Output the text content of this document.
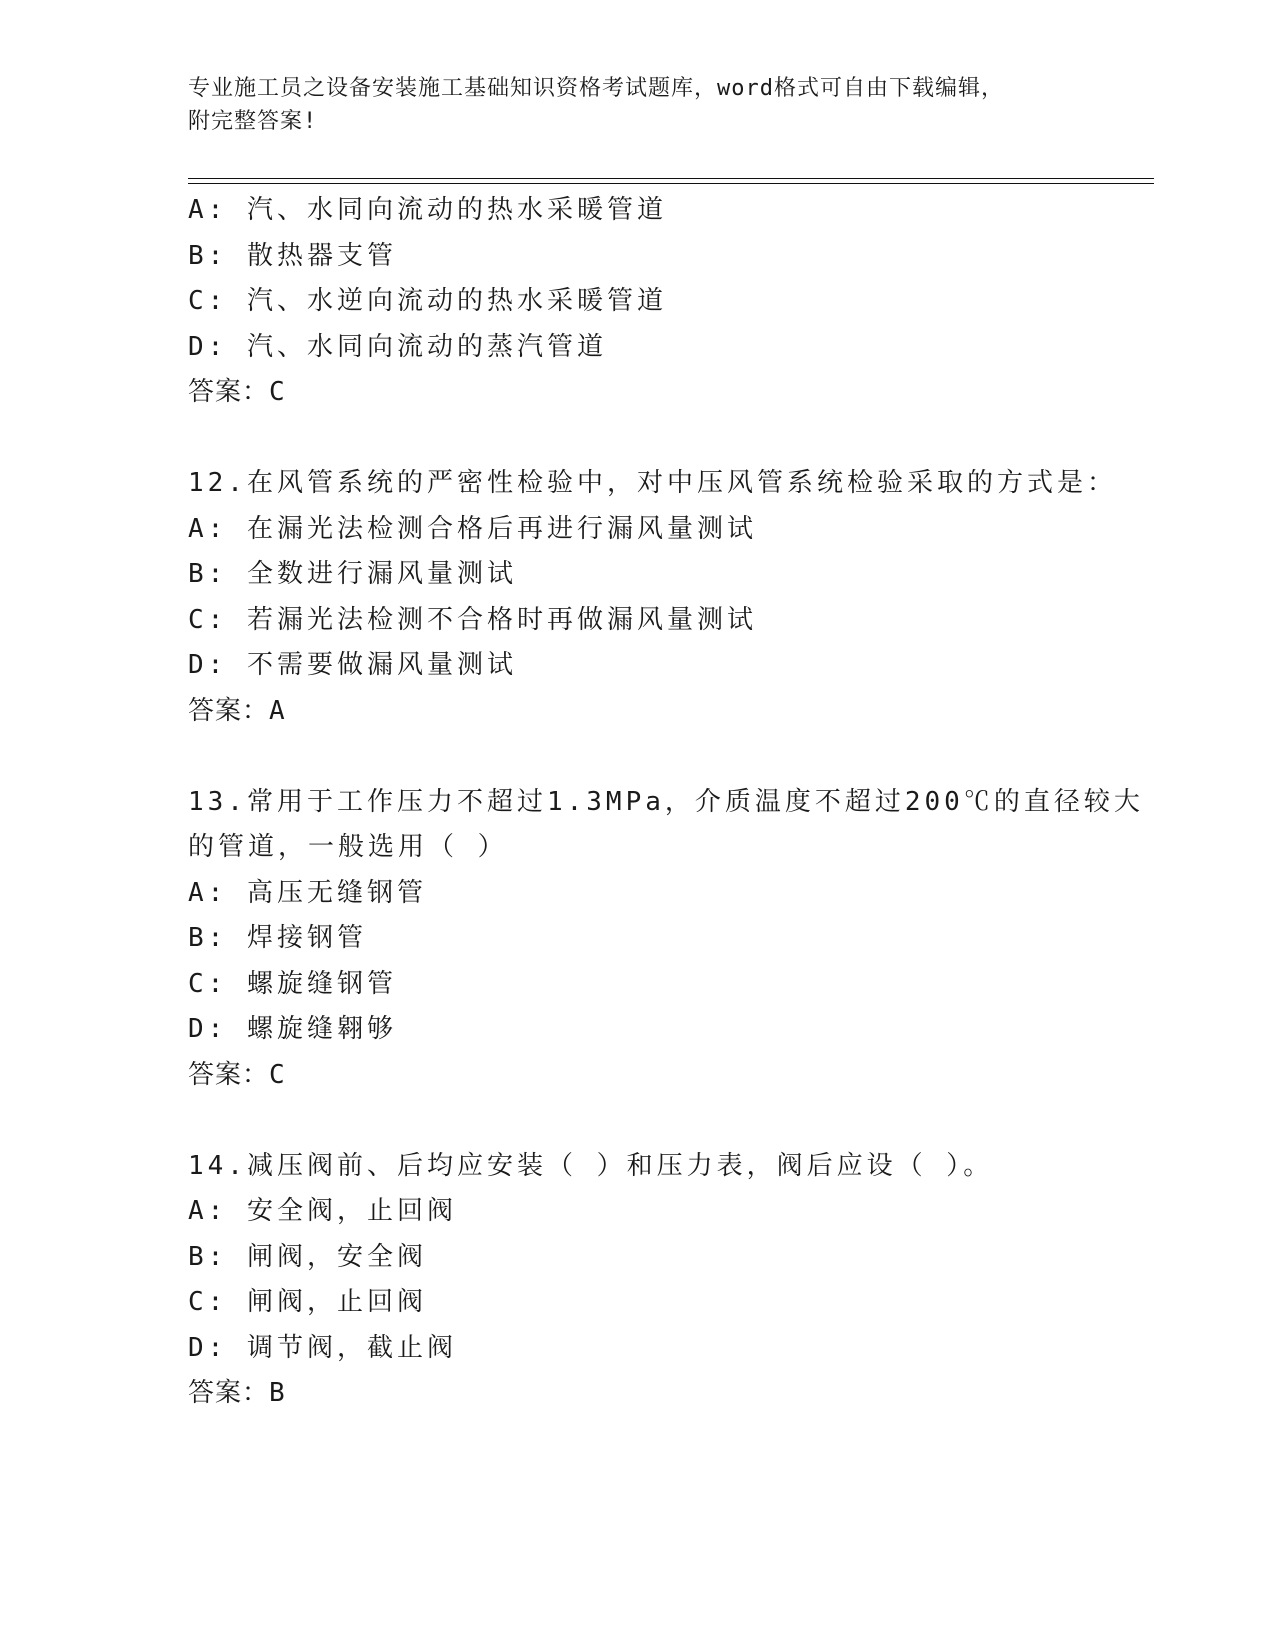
专业施工员之设备安装施工基础知识资格考试题库，word格式可自由下载编辑，
附完整答案!
A: 汽、水同向流动的热水采暖管道
B: 散热器支管
C: 汽、水逆向流动的热水采暖管道
D: 汽、水同向流动的蒸汽管道
答案：C
12.在风管系统的严密性检验中，对中压风管系统检验采取的方式是：
A: 在漏光法检测合格后再进行漏风量测试
B: 全数进行漏风量测试
C: 若漏光法检测不合格时再做漏风量测试
D: 不需要做漏风量测试
答案：A
13.常用于工作压力不超过1.3MPa，介质温度不超过200℃的直径较大
的管道，一般选用（ ）
A: 高压无缝钢管
B: 焊接钢管
C: 螺旋缝钢管
D: 螺旋缝翱够
答案：C
14.减压阀前、后均应安装（ ）和压力表，阀后应设（ ）。
A: 安全阀，止回阀
B: 闸阀，安全阀
C: 闸阀，止回阀
D: 调节阀，截止阀
答案：B
